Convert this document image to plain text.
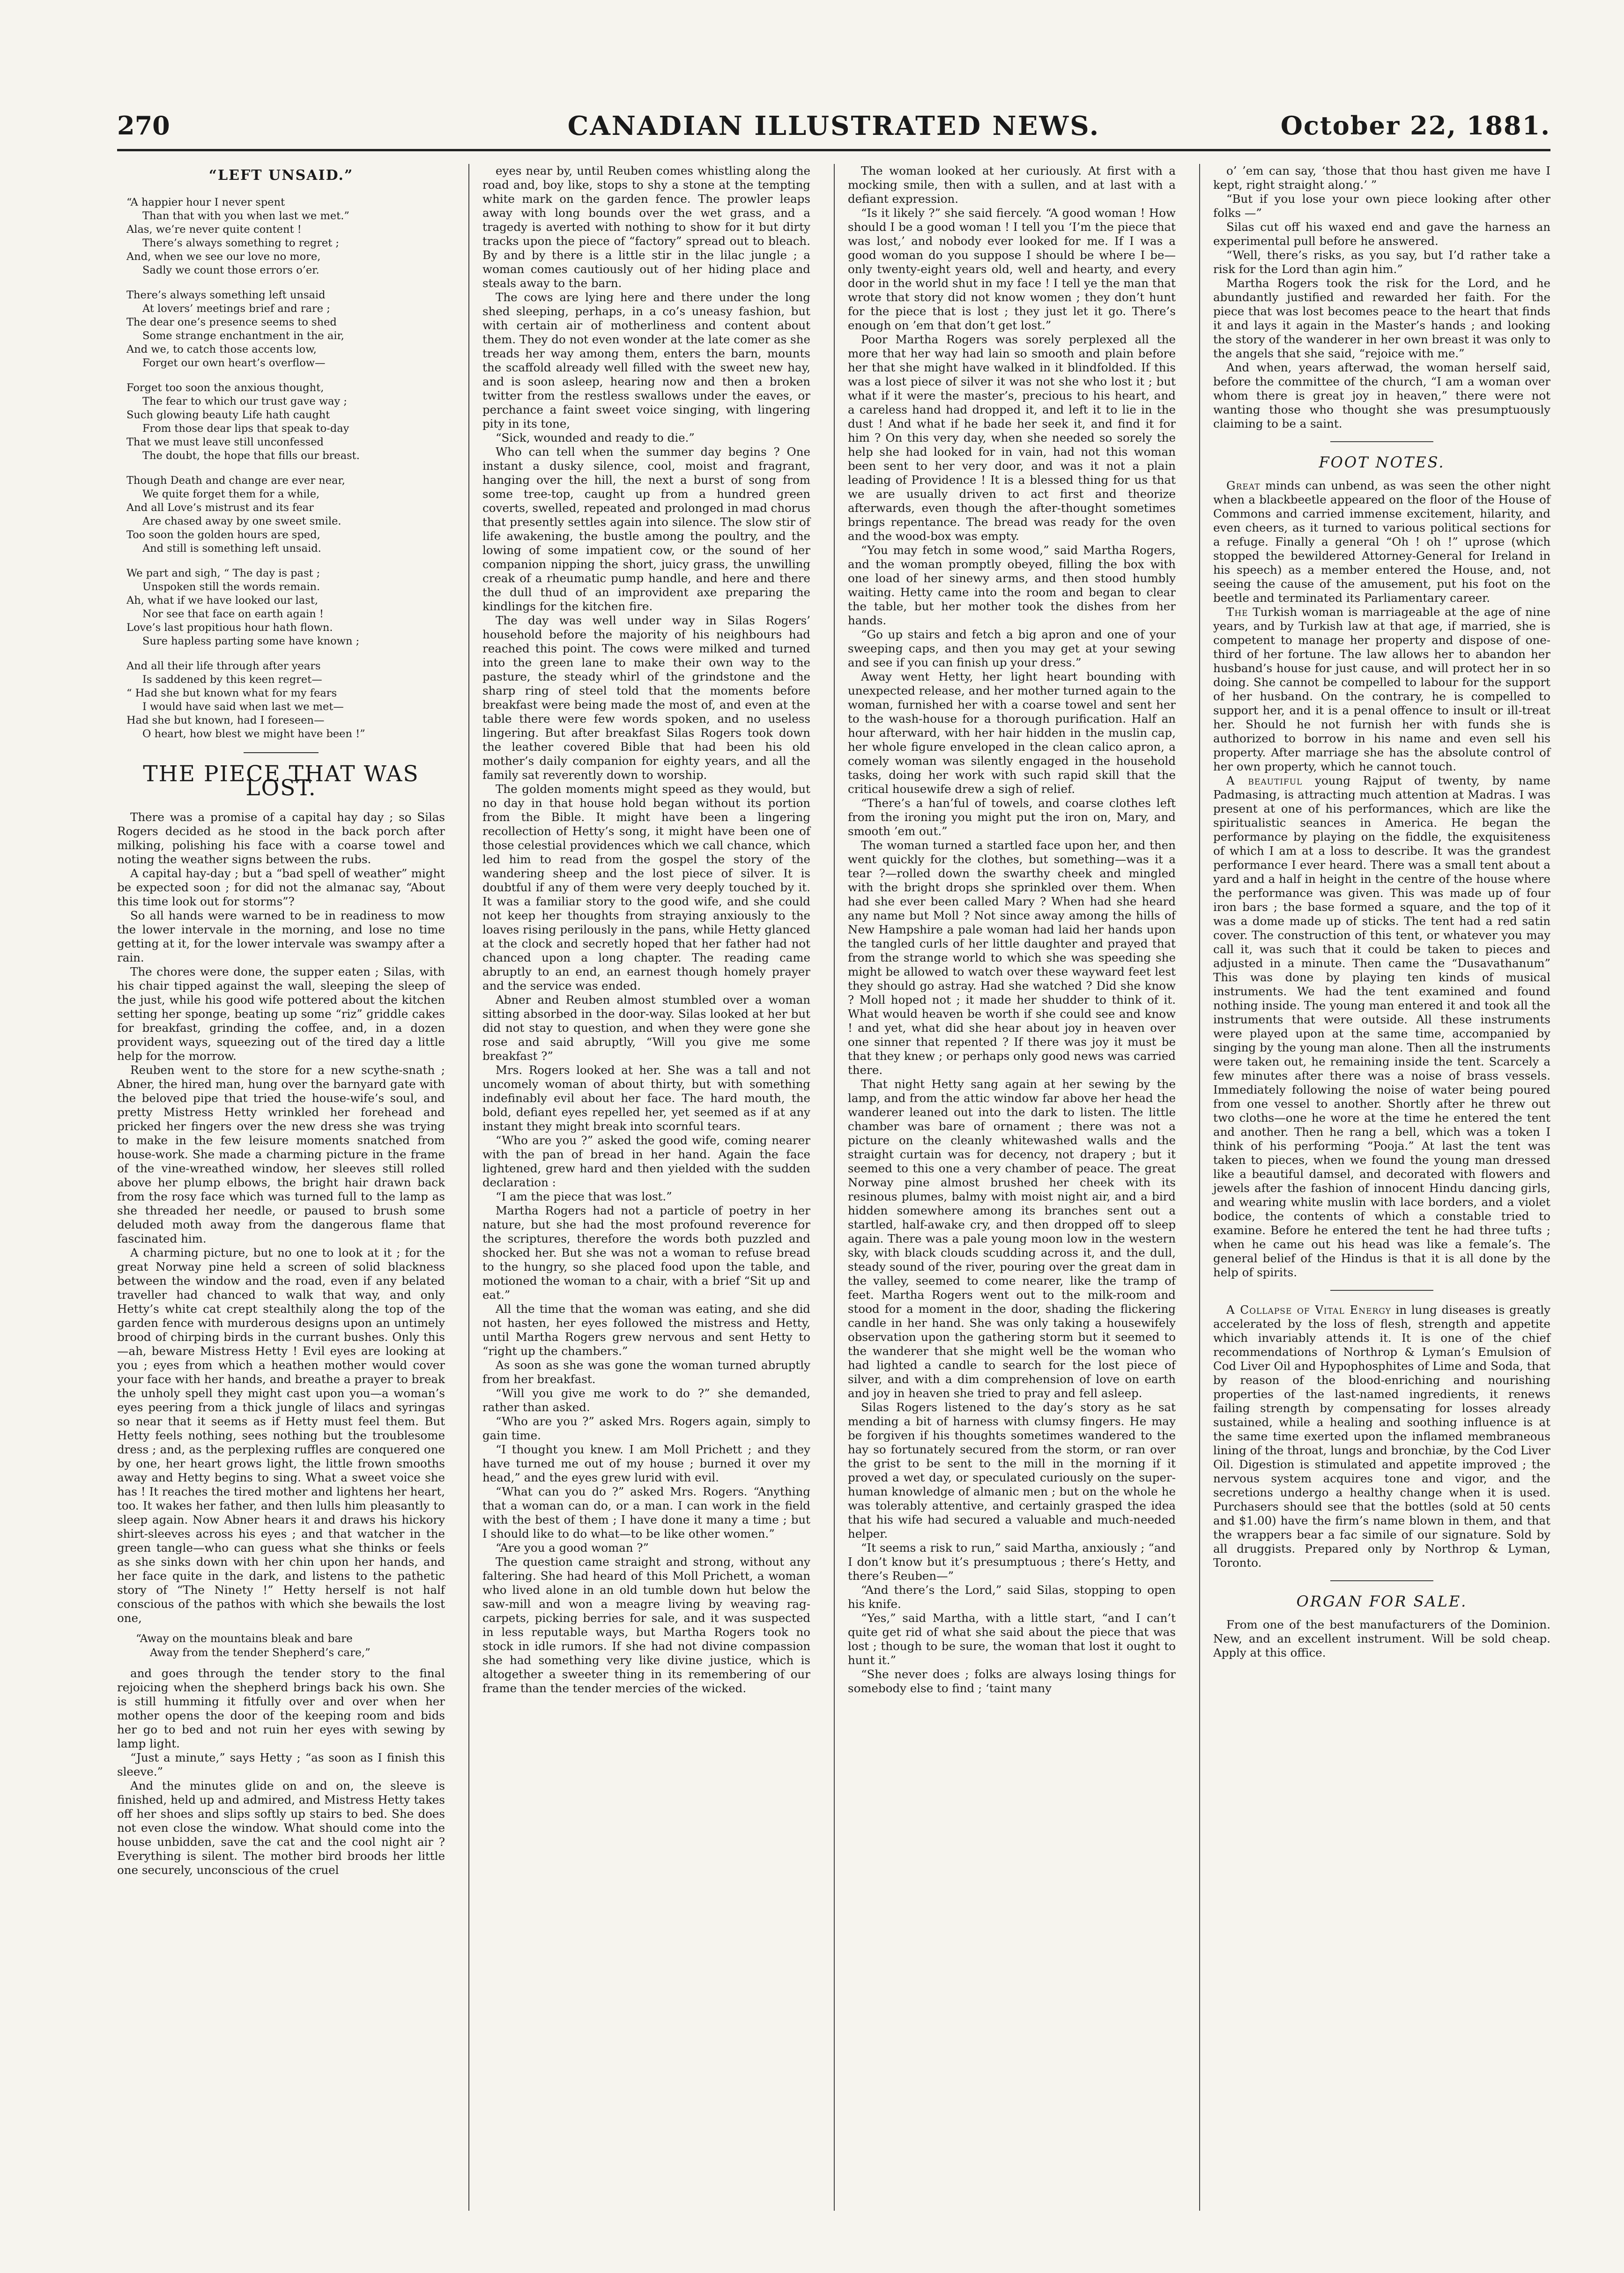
270	CANADIAN ILLUSTRATED NEWS.	October 22, 1881.
“LEFT UNSAID.”
“A happier hour I never spent
Than that with you when last we met.”
Alas, we’re never quite content !
There’s always something to regret ;
And, when we see our love no more,
Sadly we count those errors o’er.
There’s always something left unsaid
At lovers’ meetings brief and rare ;
The dear one’s presence seems to shed
Some strange enchantment in the air,
And we, to catch those accents low,
Forget our own heart’s overflow—
Forget too soon the anxious thought,
The fear to which our trust gave way ;
Such glowing beauty Life hath caught
From those dear lips that speak to-day
That we must leave still unconfessed
The doubt, the hope that fills our breast.
Though Death and change are ever near,
We quite forget them for a while,
And all Love’s mistrust and its fear
Are chased away by one sweet smile.
Too soon the golden hours are sped,
And still is something left unsaid.
We part and sigh, “ The day is past ;
Unspoken still the words remain.
Ah, what if we have looked our last,
Nor see that face on earth again !
Love’s last propitious hour hath flown.
Sure hapless parting some have known ;
And all their life through after years
Is saddened by this keen regret—
“ Had she but known what for my fears
I would have said when last we met—
Had she but known, had I foreseen—
O heart, how blest we might have been !”
THE PIECE THAT WAS LOST.

There was a promise of a capital hay day ; so Silas Rogers decided as he stood in the back porch after milking, polishing his face with a coarse towel and noting the weather signs between the rubs.

A capital hay-day ; but a “bad spell of weather” might be expected soon ; for did not the almanac say, “About this time look out for storms”?

So all hands were warned to be in readiness to mow the lower intervale in the morning, and lose no time getting at it, for the lower intervale was swampy after a rain.

The chores were done, the supper eaten ; Silas, with his chair tipped against the wall, sleeping the sleep of the just, while his good wife pottered about the kitchen setting her sponge, beating up some “riz” griddle cakes for breakfast, grinding the coffee, and, in a dozen provident ways, squeezing out of the tired day a little help for the morrow.

Reuben went to the store for a new scythe-snath ; Abner, the hired man, hung over the barnyard gate with the beloved pipe that tried the house-wife’s soul, and pretty Mistress Hetty wrinkled her forehead and pricked her fingers over the new dress she was trying to make in the few leisure moments snatched from house-work. She made a charming picture in the frame of the vine-wreathed window, her sleeves still rolled above her plump elbows, the bright hair drawn back from the rosy face which was turned full to the lamp as she threaded her needle, or paused to brush some deluded moth away from the dangerous flame that fascinated him.

A charming picture, but no one to look at it ; for the great Norway pine held a screen of solid blackness between the window and the road, even if any belated traveller had chanced to walk that way, and only Hetty’s white cat crept stealthily along the top of the garden fence with murderous designs upon an untimely brood of chirping birds in the currant bushes. Only this—ah, beware Mistress Hetty ! Evil eyes are looking at you ; eyes from which a heathen mother would cover your face with her hands, and breathe a prayer to break the unholy spell they might cast upon you—a woman’s eyes peering from a thick jungle of lilacs and syringas so near that it seems as if Hetty must feel them. But Hetty feels nothing, sees nothing but the troublesome dress ; and, as the perplexing ruffles are conquered one by one, her heart grows light, the little frown smooths away and Hetty begins to sing. What a sweet voice she has ! It reaches the tired mother and lightens her heart, too. It wakes her father, and then lulls him pleasantly to sleep again. Now Abner hears it and draws his hickory shirt-sleeves across his eyes ; and that watcher in the green tangle—who can guess what she thinks or feels as she sinks down with her chin upon her hands, and her face quite in the dark, and listens to the pathetic story of “The Ninety !” Hetty herself is not half conscious of the pathos with which she bewails the lost one,

“Away on the mountains bleak and bare
Away from the tender Shepherd’s care,”

and goes through the tender story to the final rejoicing when the shepherd brings back his own. She is still humming it fitfully over and over when her mother opens the door of the keeping room and bids her go to bed and not ruin her eyes with sewing by lamp light.

“Just a minute,” says Hetty ; “as soon as I finish this sleeve.”

And the minutes glide on and on, the sleeve is finished, held up and admired, and Mistress Hetty takes off her shoes and slips softly up stairs to bed. She does not even close the window. What should come into the house unbidden, save the cat and the cool night air ? Everything is silent. The mother bird broods her little one securely, unconscious of the cruel

eyes near by, until Reuben comes whistling along the road and, boy like, stops to shy a stone at the tempting white mark on the garden fence. The prowler leaps away with long bounds over the wet grass, and a tragedy is averted with nothing to show for it but dirty tracks upon the piece of “factory” spread out to bleach. By and by there is a little stir in the lilac jungle ; a woman comes cautiously out of her hiding place and steals away to the barn.

The cows are lying here and there under the long shed sleeping, perhaps, in a co’s uneasy fashion, but with certain air of motherliness and content about them. They do not even wonder at the late comer as she treads her way among them, enters the barn, mounts the scaffold already well filled with the sweet new hay, and is soon asleep, hearing now and then a broken twitter from the restless swallows under the eaves, or perchance a faint sweet voice singing, with lingering pity in its tone,

“Sick, wounded and ready to die.”

Who can tell when the summer day begins ? One instant a dusky silence, cool, moist and fragrant, hanging over the hill, the next a burst of song from some tree-top, caught up from a hundred green coverts, swelled, repeated and prolonged in mad chorus that presently settles again into silence. The slow stir of life awakening, the bustle among the poultry, and the lowing of some impatient cow, or the sound of her companion nipping the short, juicy grass, the unwilling creak of a rheumatic pump handle, and here and there the dull thud of an improvident axe preparing the kindlings for the kitchen fire.

The day was well under way in Silas Rogers’ household before the majority of his neighbours had reached this point. The cows were milked and turned into the green lane to make their own way to the pasture, the steady whirl of the grindstone and the sharp ring of steel told that the moments before breakfast were being made the most of, and even at the table there were few words spoken, and no useless lingering. But after breakfast Silas Rogers took down the leather covered Bible that had been his old mother’s daily companion for eighty years, and all the family sat reverently down to worship.

The golden moments might speed as they would, but no day in that house hold began without its portion from the Bible. It might have been a lingering recollection of Hetty’s song, it might have been one of those celestial providences which we call chance, which led him to read from the gospel the story of the wandering sheep and the lost piece of silver. It is doubtful if any of them were very deeply touched by it. It was a familiar story to the good wife, and she could not keep her thoughts from straying anxiously to the loaves rising perilously in the pans, while Hetty glanced at the clock and secretly hoped that her father had not chanced upon a long chapter. The reading came abruptly to an end, an earnest though homely prayer and the service was ended.

Abner and Reuben almost stumbled over a woman sitting absorbed in the door-way. Silas looked at her but did not stay to question, and when they were gone she rose and said abruptly, “Will you give me some breakfast ?”

Mrs. Rogers looked at her. She was a tall and not uncomely woman of about thirty, but with something indefinably evil about her face. The hard mouth, the bold, defiant eyes repelled her, yet seemed as if at any instant they might break into scornful tears.

“Who are you ?” asked the good wife, coming nearer with the pan of bread in her hand. Again the face lightened, grew hard and then yielded with the sudden declaration :

“I am the piece that was lost.”

Martha Rogers had not a particle of poetry in her nature, but she had the most profound reverence for the scriptures, therefore the words both puzzled and shocked her. But she was not a woman to refuse bread to the hungry, so she placed food upon the table, and motioned the woman to a chair, with a brief “Sit up and eat.”

All the time that the woman was eating, and she did not hasten, her eyes followed the mistress and Hetty, until Martha Rogers grew nervous and sent Hetty to “right up the chambers.”

As soon as she was gone the woman turned abruptly from her breakfast.

“Will you give me work to do ?” she demanded, rather than asked.

“Who are you ?” asked Mrs. Rogers again, simply to gain time.

“I thought you knew. I am Moll Prichett ; and they have turned me out of my house ; burned it over my head,” and the eyes grew lurid with evil.

“What can you do ?” asked Mrs. Rogers. “Anything that a woman can do, or a man. I can work in the field with the best of them ; I have done it many a time ; but I should like to do what—to be like other women.”

“Are you a good woman ?”

The question came straight and strong, without any faltering. She had heard of this Moll Prichett, a woman who lived alone in an old tumble down hut below the saw-mill and won a meagre living by weaving rag-carpets, picking berries for sale, and it was suspected in less reputable ways, but Martha Rogers took no stock in idle rumors. If she had not divine compassion she had something very like divine justice, which is altogether a sweeter thing in its remembering of our frame than the tender mercies of the wicked.

The woman looked at her curiously. At first with a mocking smile, then with a sullen, and at last with a defiant expression.

“Is it likely ?” she said fiercely. “A good woman ! How should I be a good woman ! I tell you ‘I’m the piece that was lost,’ and nobody ever looked for me. If I was a good woman do you suppose I should be where I be—only twenty-eight years old, well and hearty, and every door in the world shut in my face ! I tell ye the man that wrote that story did not know women ; they don’t hunt for the piece that is lost ; they just let it go. There’s enough on ’em that don’t get lost.”

Poor Martha Rogers was sorely perplexed all the more that her way had lain so smooth and plain before her that she might have walked in it blindfolded. If this was a lost piece of silver it was not she who lost it ; but what if it were the master’s, precious to his heart, and a careless hand had dropped it, and left it to lie in the dust ! And what if he bade her seek it, and find it for him ? On this very day, when she needed so sorely the help she had looked for in vain, had not this woman been sent to her very door, and was it not a plain leading of Providence ! It is a blessed thing for us that we are usually driven to act first and theorize afterwards, even though the after-thought sometimes brings repentance. The bread was ready for the oven and the wood-box was empty.

“You may fetch in some wood,” said Martha Rogers, and the woman promptly obeyed, filling the box with one load of her sinewy arms, and then stood humbly waiting. Hetty came into the room and began to clear the table, but her mother took the dishes from her hands.

“Go up stairs and fetch a big apron and one of your sweeping caps, and then you may get at your sewing and see if you can finish up your dress.”

Away went Hetty, her light heart bounding with unexpected release, and her mother turned again to the woman, furnished her with a coarse towel and sent her to the wash-house for a thorough purification. Half an hour afterward, with her hair hidden in the muslin cap, her whole figure enveloped in the clean calico apron, a comely woman was silently engaged in the household tasks, doing her work with such rapid skill that the critical housewife drew a sigh of relief.

“There’s a han’ful of towels, and coarse clothes left from the ironing you might put the iron on, Mary, and smooth ’em out.”

The woman turned a startled face upon her, and then went quickly for the clothes, but something—was it a tear ?—rolled down the swarthy cheek and mingled with the bright drops she sprinkled over them. When had she ever been called Mary ? When had she heard any name but Moll ? Not since away among the hills of New Hampshire a pale woman had laid her hands upon the tangled curls of her little daughter and prayed that from the strange world to which she was speeding she might be allowed to watch over these wayward feet lest they should go astray. Had she watched ? Did she know ? Moll hoped not ; it made her shudder to think of it. What would heaven be worth if she could see and know ! and yet, what did she hear about joy in heaven over one sinner that repented ? If there was joy it must be that they knew ; or perhaps only good news was carried there.

That night Hetty sang again at her sewing by the lamp, and from the attic window far above her head the wanderer leaned out into the dark to listen. The little chamber was bare of ornament ; there was not a picture on the cleanly whitewashed walls and the straight curtain was for decency, not drapery ; but it seemed to this one a very chamber of peace. The great Norway pine almost brushed her cheek with its resinous plumes, balmy with moist night air, and a bird hidden somewhere among its branches sent out a startled, half-awake cry, and then dropped off to sleep again. There was a pale young moon low in the western sky, with black clouds scudding across it, and the dull, steady sound of the river, pouring over the great dam in the valley, seemed to come nearer, like the tramp of feet. Martha Rogers went out to the milk-room and stood for a moment in the door, shading the flickering candle in her hand. She was only taking a housewifely observation upon the gathering storm but it seemed to the wanderer that she might well be the woman who had lighted a candle to search for the lost piece of silver, and with a dim comprehension of love on earth and joy in heaven she tried to pray and fell asleep.

Silas Rogers listened to the day’s story as he sat mending a bit of harness with clumsy fingers. He may be forgiven if his thoughts sometimes wandered to the hay so fortunately secured from the storm, or ran over the grist to be sent to the mill in the morning if it proved a wet day, or speculated curiously on the super-human knowledge of almanic men ; but on the whole he was tolerably attentive, and certainly grasped the idea that his wife had secured a valuable and much-needed helper.

“It seems a risk to run,” said Martha, anxiously ; “and I don’t know but it’s presumptuous ; there’s Hetty, and there’s Reuben—”

“And there’s the Lord,” said Silas, stopping to open his knife.

“Yes,” said Martha, with a little start, “and I can’t quite get rid of what she said about the piece that was lost ; though to be sure, the woman that lost it ought to hunt it.”

“She never does ; folks are always losing things for somebody else to find ; ‘taint many

o’ ’em can say, ‘those that thou hast given me have I kept, right straight along.’ ”

“But if you lose your own piece looking after other folks —”

Silas cut off his waxed end and gave the harness an experimental pull before he answered.

“Well, there’s risks, as you say, but I’d rather take a risk for the Lord than agin him.”

Martha Rogers took the risk for the Lord, and he abundantly justified and rewarded her faith. For the piece that was lost becomes peace to the heart that finds it and lays it again in the Master’s hands ; and looking the story of the wanderer in her own breast it was only to the angels that she said, “rejoice with me.”

And when, years afterwad, the woman herself said, before the committee of the church, “I am a woman over whom there is great joy in heaven,” there were not wanting those who thought she was presumptuously claiming to be a saint.

FOOT NOTES.

Great minds can unbend, as was seen the other night when a blackbeetle appeared on the floor of the House of Commons and carried immense excitement, hilarity, and even cheers, as it turned to various political sections for a refuge. Finally a general “Oh ! oh !” uprose (which stopped the bewildered Attorney-General for Ireland in his speech) as a member entered the House, and, not seeing the cause of the amusement, put his foot on the beetle and terminated its Parliamentary career.

The Turkish woman is marriageable at the age of nine years, and by Turkish law at that age, if married, she is competent to manage her property and dispose of one-third of her fortune. The law allows her to abandon her husband’s house for just cause, and will protect her in so doing. She cannot be compelled to labour for the support of her husband. On the contrary, he is compelled to support her, and it is a penal offence to insult or ill-treat her. Should he not furnish her with funds she is authorized to borrow in his name and even sell his property. After marriage she has the absolute control of her own property, which he cannot touch.

A beautiful young Rajput of twenty, by name Padmasing, is attracting much attention at Madras. I was present at one of his performances, which are like the spiritualistic seances in America. He began the performance by playing on the fiddle, the exquisiteness of which I am at a loss to describe. It was the grandest performance I ever heard. There was a small tent about a yard and a half in height in the centre of the house where the performance was given. This was made up of four iron bars ; the base formed a square, and the top of it was a dome made up of sticks. The tent had a red satin cover. The construction of this tent, or whatever you may call it, was such that it could be taken to pieces and adjusted in a minute. Then came the “Dusavathanum” This was done by playing ten kinds of musical instruments. We had the tent examined and found nothing inside. The young man entered it and took all the instruments that were outside. All these instruments were played upon at the same time, accompanied by singing by the young man alone. Then all the instruments were taken out, he remaining inside the tent. Scarcely a few minutes after there was a noise of brass vessels. Immediately following the noise of water being poured from one vessel to another. Shortly after he threw out two cloths—one he wore at the time he entered the tent and another. Then he rang a bell, which was a token I think of his performing “Pooja.” At last the tent was taken to pieces, when we found the young man dressed like a beautiful damsel, and decorated with flowers and jewels after the fashion of innocent Hindu dancing girls, and wearing white muslin with lace borders, and a violet bodice, the contents of which a constable tried to examine. Before he entered the tent he had three tufts ; when he came out his head was like a female’s. The general belief of the Hindus is that it is all done by the help of spirits.

A Collapse of Vital Energy in lung diseases is greatly accelerated by the loss of flesh, strength and appetite which invariably attends it. It is one of the chief recommendations of Northrop & Lyman’s Emulsion of Cod Liver Oil and Hypophosphites of Lime and Soda, that by reason of the blood-enriching and nourishing properties of the last-named ingredients, it renews failing strength by compensating for losses already sustained, while a healing and soothing influence is at the same time exerted upon the inflamed membraneous lining of the throat, lungs and bronchiæ, by the Cod Liver Oil. Digestion is stimulated and appetite improved ; the nervous system acquires tone and vigor, and the secretions undergo a healthy change when it is used. Purchasers should see that the bottles (sold at 50 cents and $1.00) have the firm’s name blown in them, and that the wrappers bear a fac simile of our signature. Sold by all druggists. Prepared only by Northrop & Lyman, Toronto.

ORGAN FOR SALE.

From one of the best manufacturers of the Dominion. New, and an excellent instrument. Will be sold cheap. Apply at this office.
